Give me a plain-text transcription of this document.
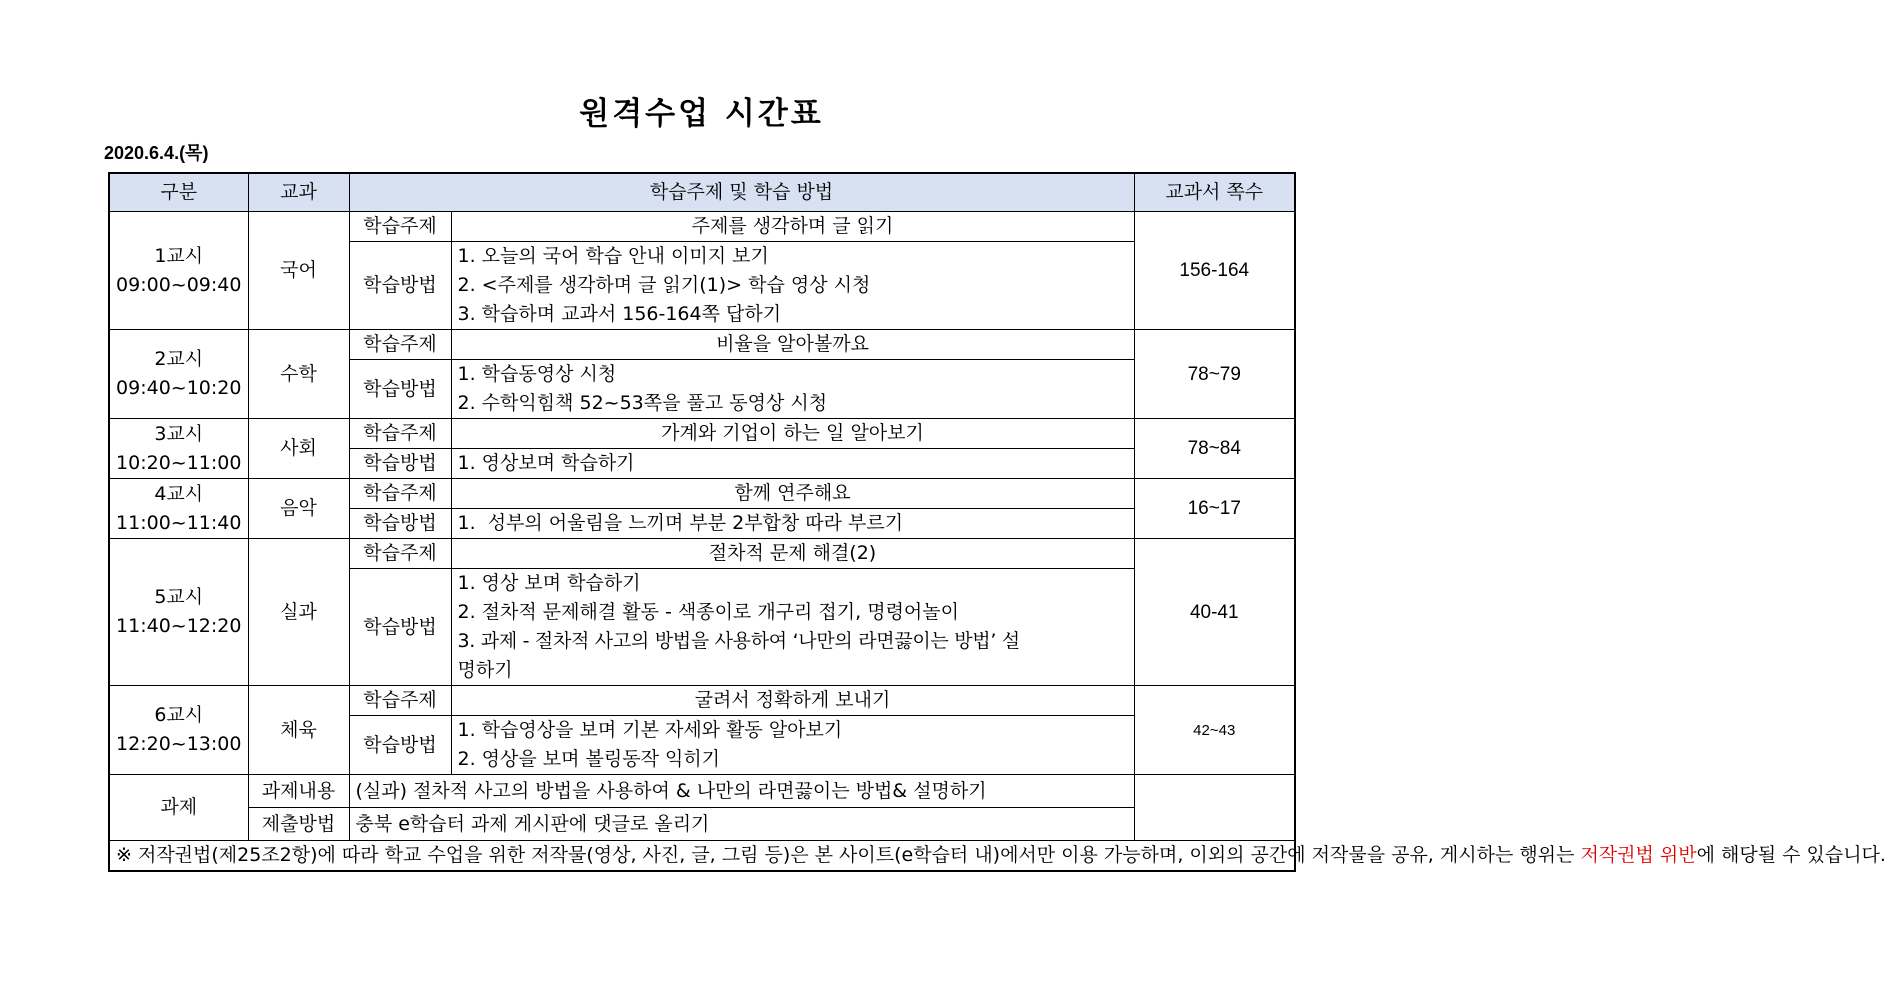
원격수업 시간표
2020.6.4.(목)
구분	교과	학습주제 및 학습 방법		교과서 쪽수

1교시
09:00~09:40	국어	학습주제	주제를 생각하며 글 읽기	156-164
		학습방법	1. 오늘의 국어 학습 안내 이미지 보기
2. <주제를 생각하며 글 읽기(1)> 학습 영상 시청
3. 학습하며 교과서 156-164쪽 답하기	

2교시
09:40~10:20	수학	학습주제	비율을 알아볼까요	78~79
		학습방법	1. 학습동영상 시청
2. 수학익힘책 52~53쪽을 풀고 동영상 시청	

3교시
10:20~11:00	사회	학습주제	가계와 기업이 하는 일 알아보기	78~84
		학습방법	1. 영상보며 학습하기	

4교시
11:00~11:40	음악	학습주제	함께 연주해요	16~17
		학습방법	1.  성부의 어울림을 느끼며 부분 2부합창 따라 부르기	

5교시
11:40~12:20	실과	학습주제	절차적 문제 해결(2)	40-41
		학습방법	1. 영상 보며 학습하기
2. 절차적 문제해결 활동 - 색종이로 개구리 접기, 명령어놀이
3. 과제 - 절차적 사고의 방법을 사용하여 ‘나만의 라면끓이는 방법’ 설
명하기	

6교시
12:20~13:00	체육	학습주제	굴려서 정확하게 보내기	42~43
		학습방법	1. 학습영상을 보며 기본 자세와 활동 알아보기
2. 영상을 보며 볼링동작 익히기	

과제	과제내용	(실과) 절차적 사고의 방법을 사용하여 & 나만의 라면끓이는 방법& 설명하기		
	제출방법	충북 e학습터 과제 게시판에 댓글로 올리기		
※ 저작권법(제25조2항)에 따라 학교 수업을 위한 저작물(영상, 사진, 글, 그림 등)은 본 사이트(e학습터 내)에서만 이용 가능하며, 이외의 공간에 저작물을 공유, 게시하는 행위는 저작권법 위반에 해당될 수 있습니다.				
